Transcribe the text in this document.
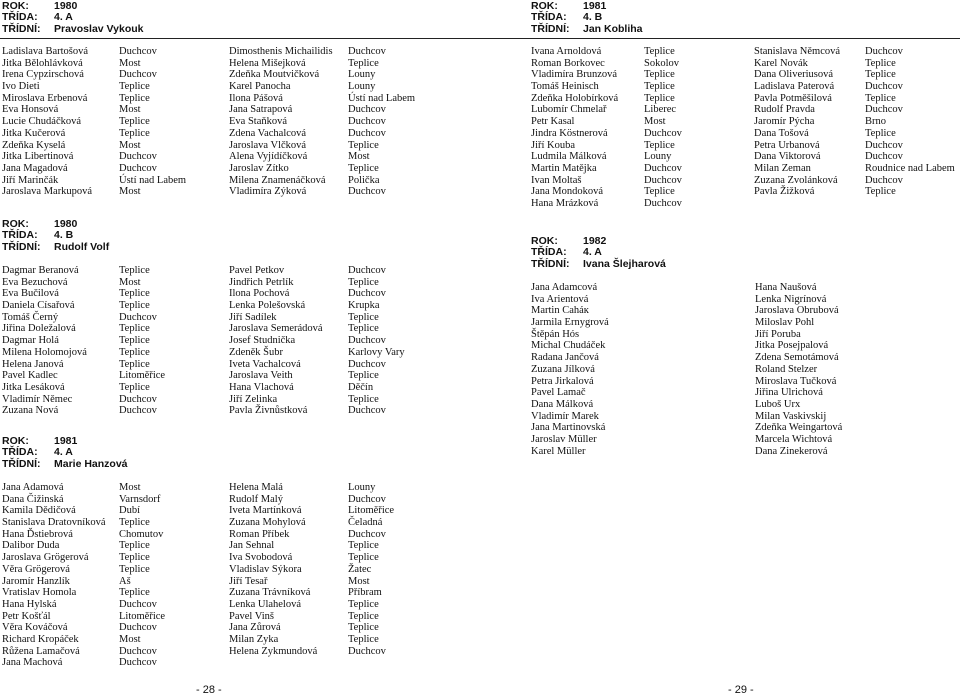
ROK:	1980
TŘÍDA:	4. A
TŘÍDNÍ:	Pravoslav Vykouk
Ladislava Bartošová	Duchcov
Jitka Bělohlávková	Most
Irena Cypzirschová	Duchcov
Ivo Dieti	Teplice
Miroslava Erbenová	Teplice
Eva Honsová	Most
Lucie Chudáčková	Teplice
Jitka Kučerová	Teplice
Zdeňka Kyselá	Most
Jitka Libertinová	Duchcov
Jana Magadová	Duchcov
Jiří Marinčák	Ústí nad Labem
Jaroslava Markupová	Most
Dimosthenis Michailidis	Duchcov
Helena Mišejková	Teplice
Zdeňka Moutvičková	Louny
Karel Panocha	Louny
Ilona Pášová	Ústí nad Labem
Jana Satrapová	Duchcov
Eva Staňková	Duchcov
Zdena Vachalcová	Duchcov
Jaroslava Vlčková	Teplice
Alena Vyjídíčková	Most
Jaroslav Zítko	Teplice
Milena Znamenáčková	Polička
Vladimíra Zýková	Duchcov
ROK:	1980
TŘÍDA:	4. B
TŘÍDNÍ:	Rudolf Volf
Dagmar Beranová	Teplice
Eva Bezuchová	Most
Eva Bučilová	Teplice
Daniela Císařová	Teplice
Tomáš Černý	Duchcov
Jiřina Doležalová	Teplice
Dagmar Holá	Teplice
Milena Holomojová	Teplice
Helena Janová	Teplice
Pavel Kadlec	Litoměřice
Jitka Lesáková	Teplice
Vladimír Němec	Duchcov
Zuzana Nová	Duchcov
Pavel Petkov	Duchcov
Jindřich Petrlík	Teplice
Ilona Pochová	Duchcov
Lenka Polešovská	Krupka
Jiří Sadílek	Teplice
Jaroslava Semerádová	Teplice
Josef Studnička	Duchcov
Zdeněk Šubr	Karlovy Vary
Iveta Vachalcová	Duchcov
Jaroslava Veith	Teplice
Hana Vlachová	Děčín
Jiří Zelinka	Teplice
Pavla Živnůstková	Duchcov
ROK:	1981
TŘÍDA:	4. A
TŘÍDNÍ:	Marie Hanzová
Jana Adamová	Most
Dana Čižinská	Varnsdorf
Kamila Dědičová	Dubí
Stanislava Dratovníková	Teplice
Hana Ďstiebrová	Chomutov
Dalibor Duda	Teplice
Jaroslava Grögerová	Teplice
Věra Grögerová	Teplice
Jaromír Hanzlík	Aš
Vratislav Homola	Teplice
Hana Hylská	Duchcov
Petr Košťál	Litoměřice
Věra Kováčová	Duchcov
Richard Kropáček	Most
Růžena Lamačová	Duchcov
Jana Machová	Duchcov
Helena Malá	Louny
Rudolf Malý	Duchcov
Iveta Martínková	Litoměřice
Zuzana Mohylová	Čeladná
Roman Příbek	Duchcov
Jan Sehnal	Teplice
Iva Svobodová	Teplice
Vladislav Sýkora	Žatec
Jiří Tesař	Most
Zuzana Trávníková	Příbram
Lenka Ulahelová	Teplice
Pavel Vinš	Teplice
Jana Zůrová	Teplice
Milan Zyka	Teplice
Helena Zykmundová	Duchcov
- 28 -
ROK:	1981
TŘÍDA:	4. B
TŘÍDNÍ:	Jan Kobliha
Ivana Arnoldová	Teplice
Roman Borkovec	Sokolov
Vladimíra Brunzová	Teplice
Tomáš Heinisch	Teplice
Zdeňka Holobírková	Teplice
Lubomír Chmelař	Liberec
Petr Kasal	Most
Jindra Köstnerová	Duchcov
Jiří Kouba	Teplice
Ludmila Málková	Louny
Martin Matějka	Duchcov
Ivan Moltaš	Duchcov
Jana Mondoková	Teplice
Hana Mrázková	Duchcov
Stanislava Němcová	Duchcov
Karel Novák	Teplice
Dana Oliveriusová	Teplice
Ladislava Paterová	Duchcov
Pavla Potměšilová	Teplice
Rudolf Pravda	Duchcov
Jaromír Pýcha	Brno
Dana Tošová	Teplice
Petra Urbanová	Duchcov
Dana Viktorová	Duchcov
Milan Zeman	Roudnice nad Labem
Zuzana Zvolánková	Duchcov
Pavla Žižková	Teplice
ROK:	1982
TŘÍDA:	4. A
TŘÍDNÍ:	Ivana Šlejharová
Jana Adamcová
Iva Arientová
Martin Caháк
Jarmila Ernygrová
Štěpán Hós
Michal Chudáček
Radana Jančová
Zuzana Jílková
Petra Jirkalová
Pavel Lamač
Dana Málková
Vladimír Marek
Jana Martinovská
Jaroslav Müller
Karel Müller
Hana Naušová
Lenka Nigrínová
Jaroslava Obrubová
Miloslav Pohl
Jiří Poruba
Jitka Posejpalová
Zdena Semotámová
Roland Stelzer
Miroslava Tučková
Jiřina Ulrichová
Luboš Urx
Milan Vaskivskij
Zdeňka Weingartová
Marcela Wichtová
Dana Zinekerová
- 29 -
